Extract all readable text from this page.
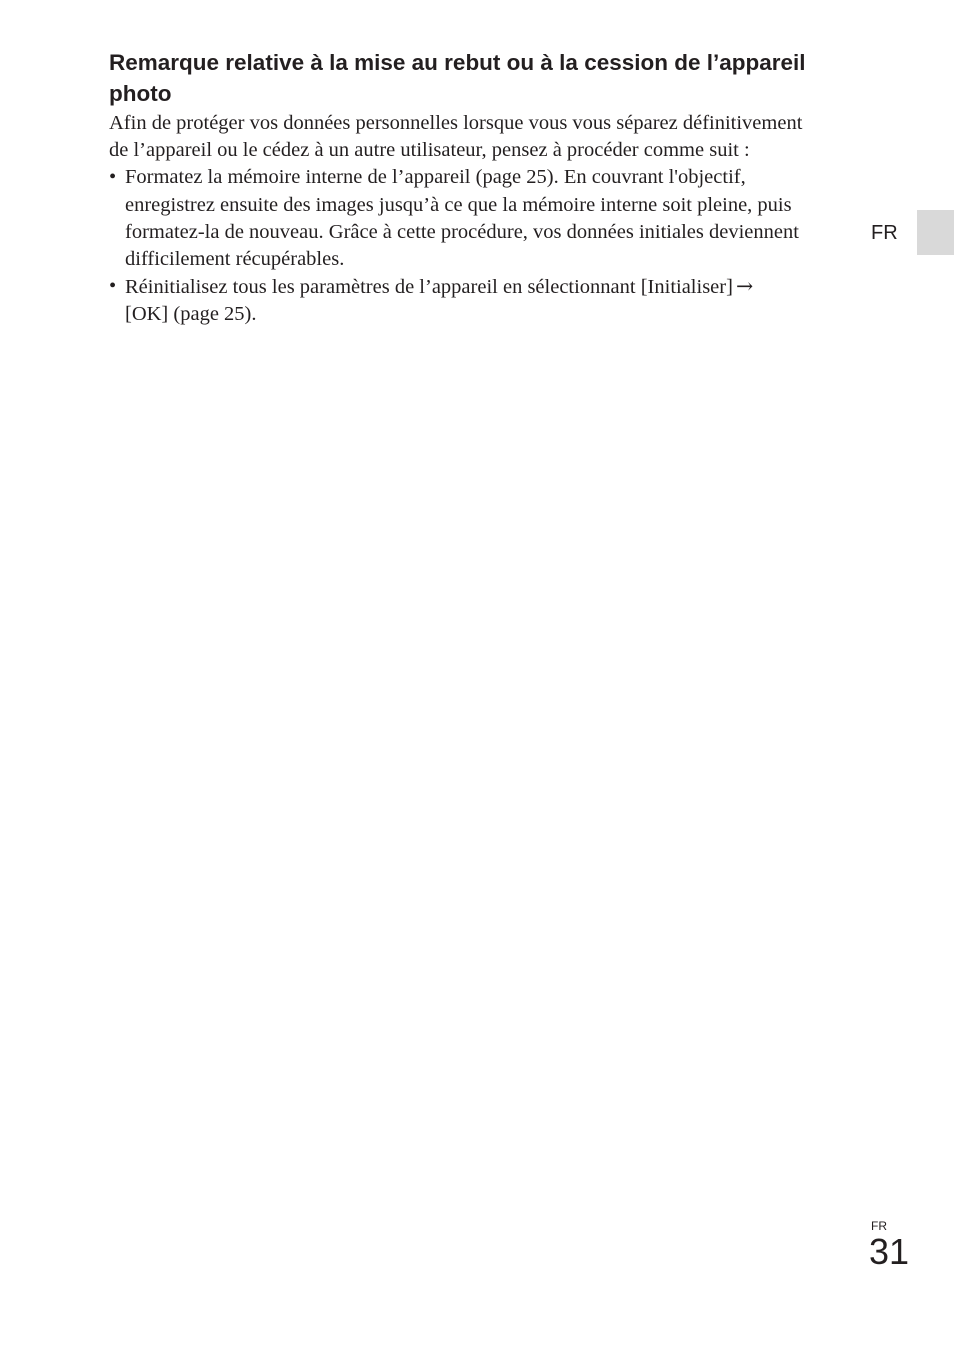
Remarque relative à la mise au rebut ou à la cession de l’appareil photo

Afin de protéger vos données personnelles lorsque vous vous séparez définitivement
de l’appareil ou le cédez à un autre utilisateur, pensez à procéder comme suit :

• Formatez la mémoire interne de l’appareil (page 25). En couvrant l'objectif,
enregistrez ensuite des images jusqu’à ce que la mémoire interne soit pleine, puis
formatez-la de nouveau. Grâce à cette procédure, vos données initiales deviennent
difficilement récupérables.
• Réinitialisez tous les paramètres de l’appareil en sélectionnant [Initialiser] →
[OK] (page 25).
FR
FR
31
